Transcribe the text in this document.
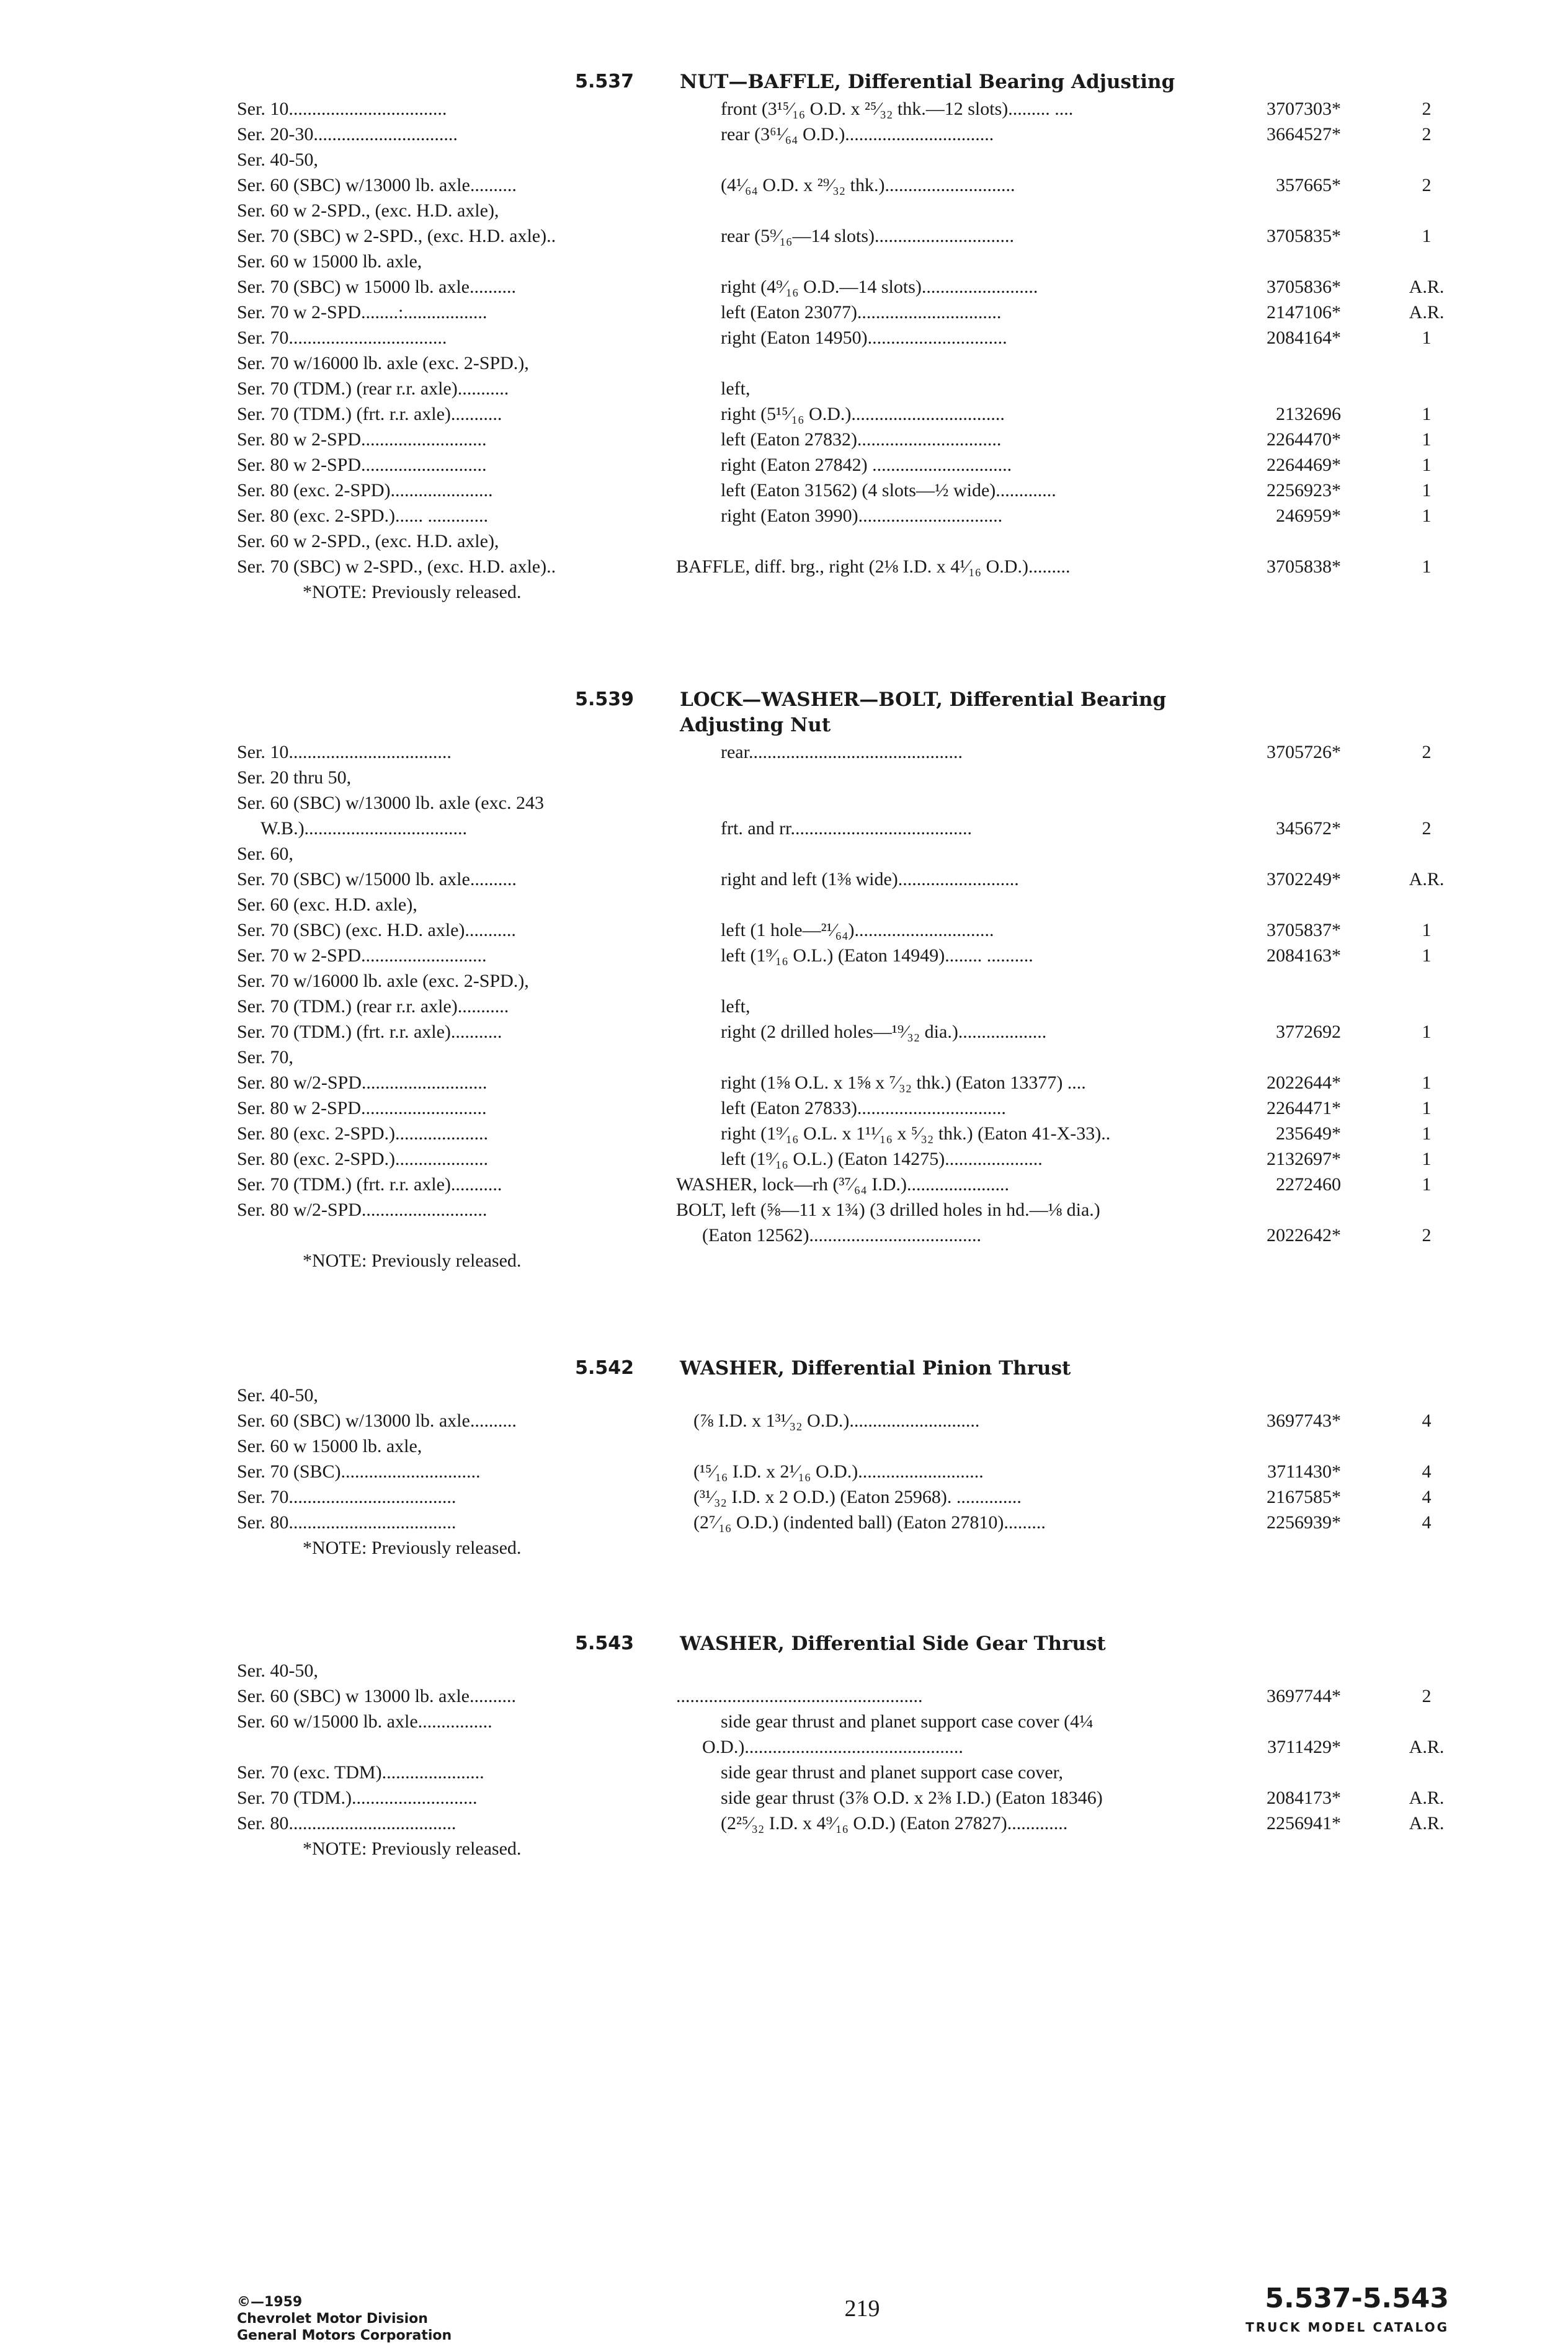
5.537 NUT—BAFFLE, Differential Bearing Adjusting
Ser. 10..................................	front (3¹⁵⁄₁₆ O.D. x ²⁵⁄₃₂ thk.—12 slots)......... ....	3707303*	2
Ser. 20-30...............................	rear (3⁶¹⁄₆₄ O.D.)................................	3664527*	2
Ser. 40-50,
Ser. 60 (SBC) w/13000 lb. axle..........	(4¹⁄₆₄ O.D. x ²⁹⁄₃₂ thk.)............................	357665*	2
Ser. 60 w 2-SPD., (exc. H.D. axle),
Ser. 70 (SBC) w 2-SPD., (exc. H.D. axle)..	rear (5⁹⁄₁₆—14 slots)..............................	3705835*	1
Ser. 60 w 15000 lb. axle,
Ser. 70 (SBC) w 15000 lb. axle..........	right (4⁹⁄₁₆ O.D.—14 slots).........................	3705836*	A.R.
Ser. 70 w 2-SPD........:..................	left (Eaton 23077)...............................	2147106*	A.R.
Ser. 70..................................	right (Eaton 14950)..............................	2084164*	1
Ser. 70 w/16000 lb. axle (exc. 2-SPD.),
Ser. 70 (TDM.) (rear r.r. axle)...........	left,
Ser. 70 (TDM.) (frt. r.r. axle)...........	right (5¹⁵⁄₁₆ O.D.).................................	2132696	1
Ser. 80 w 2-SPD...........................	left (Eaton 27832)...............................	2264470*	1
Ser. 80 w 2-SPD...........................	right (Eaton 27842) ..............................	2264469*	1
Ser. 80 (exc. 2-SPD)......................	left (Eaton 31562) (4 slots—½ wide).............	2256923*	1
Ser. 80 (exc. 2-SPD.)...... .............	right (Eaton 3990)...............................	246959*	1
Ser. 60 w 2-SPD., (exc. H.D. axle),
Ser. 70 (SBC) w 2-SPD., (exc. H.D. axle)..	BAFFLE, diff. brg., right (2⅛ I.D. x 4¹⁄₁₆ O.D.).........	3705838*	1
*NOTE: Previously released.
5.539 LOCK—WASHER—BOLT, Differential Bearing
Adjusting Nut
Ser. 10...................................	rear..............................................	3705726*	2
Ser. 20 thru 50,
Ser. 60 (SBC) w/13000 lb. axle (exc. 243
W.B.)...................................	frt. and rr.......................................	345672*	2
Ser. 60,
Ser. 70 (SBC) w/15000 lb. axle..........	right and left (1⅜ wide)..........................	3702249*	A.R.
Ser. 60 (exc. H.D. axle),
Ser. 70 (SBC) (exc. H.D. axle)...........	left (1 hole—²¹⁄₆₄)..............................	3705837*	1
Ser. 70 w 2-SPD...........................	left (1⁹⁄₁₆ O.L.) (Eaton 14949)........ ..........	2084163*	1
Ser. 70 w/16000 lb. axle (exc. 2-SPD.),
Ser. 70 (TDM.) (rear r.r. axle)...........	left,
Ser. 70 (TDM.) (frt. r.r. axle)...........	right (2 drilled holes—¹⁹⁄₃₂ dia.)...................	3772692	1
Ser. 70,
Ser. 80 w/2-SPD...........................	right (1⅝ O.L. x 1⅝ x ⁷⁄₃₂ thk.) (Eaton 13377) ....	2022644*	1
Ser. 80 w 2-SPD...........................	left (Eaton 27833)................................	2264471*	1
Ser. 80 (exc. 2-SPD.)....................	right (1⁹⁄₁₆ O.L. x 1¹¹⁄₁₆ x ⁵⁄₃₂ thk.) (Eaton 41-X-33)..	235649*	1
Ser. 80 (exc. 2-SPD.)....................	left (1⁹⁄₁₆ O.L.) (Eaton 14275).....................	2132697*	1
Ser. 70 (TDM.) (frt. r.r. axle)...........	WASHER, lock—rh (³⁷⁄₆₄ I.D.)......................	2272460	1
Ser. 80 w/2-SPD...........................	BOLT, left (⅝—11 x 1¾) (3 drilled holes in hd.—⅛ dia.)
(Eaton 12562).....................................	2022642*	2
*NOTE: Previously released.
5.542 WASHER, Differential Pinion Thrust
Ser. 40-50,
Ser. 60 (SBC) w/13000 lb. axle..........	(⅞ I.D. x 1³¹⁄₃₂ O.D.)............................	3697743*	4
Ser. 60 w 15000 lb. axle,
Ser. 70 (SBC)..............................	(¹⁵⁄₁₆ I.D. x 2¹⁄₁₆ O.D.)...........................	3711430*	4
Ser. 70....................................	(³¹⁄₃₂ I.D. x 2 O.D.) (Eaton 25968). ..............	2167585*	4
Ser. 80....................................	(2⁷⁄₁₆ O.D.) (indented ball) (Eaton 27810).........	2256939*	4
*NOTE: Previously released.
5.543 WASHER, Differential Side Gear Thrust
Ser. 40-50,
Ser. 60 (SBC) w 13000 lb. axle..........	.....................................................	3697744*	2
Ser. 60 w/15000 lb. axle................	side gear thrust and planet support case cover (4¼
O.D.)...............................................	3711429*	A.R.
Ser. 70 (exc. TDM)......................	side gear thrust and planet support case cover,
Ser. 70 (TDM.)...........................	side gear thrust (3⅞ O.D. x 2⅜ I.D.) (Eaton 18346)	2084173*	A.R.
Ser. 80....................................	(2²⁵⁄₃₂ I.D. x 4⁹⁄₁₆ O.D.) (Eaton 27827).............	2256941*	A.R.
*NOTE: Previously released.
©—1959
Chevrolet Motor Division
General Motors Corporation
219	5.537-5.543
TRUCK MODEL CATALOG
